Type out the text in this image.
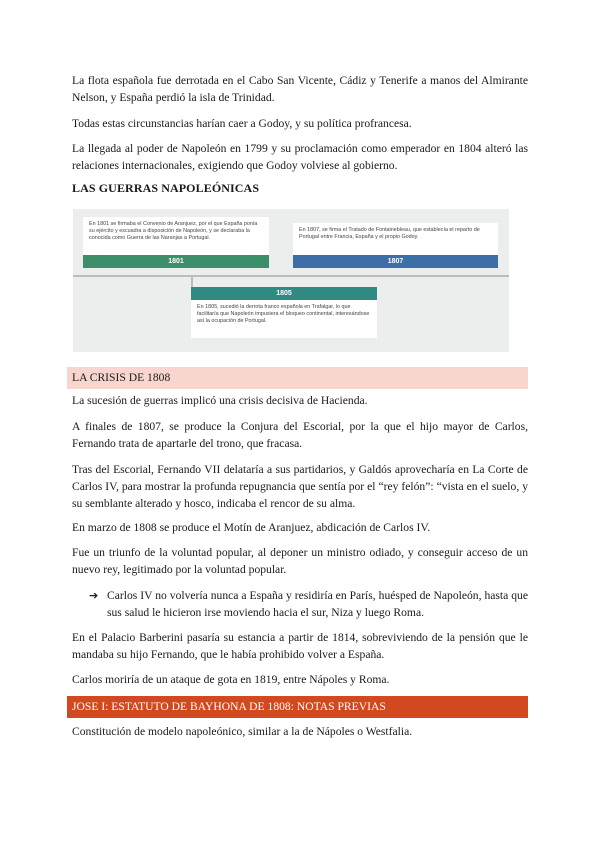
La flota española fue derrotada en el Cabo San Vicente, Cádiz y Tenerife a manos del Almirante Nelson, y España perdió la isla de Trinidad.

Todas estas circunstancias harían caer a Godoy, y su política profrancesa.

La llegada al poder de Napoleón en 1799 y su proclamación como emperador en 1804 alteró las relaciones internacionales, exigiendo que Godoy volviese al gobierno.

LAS GUERRAS NAPOLEÓNICAS
En 1801 se firmaba el Convenio de Aranjuez, por el que España ponía su ejército y escuadra a disposición de Napoleón, y se declaraba la conocida como Guerra de las Naranjas a Portugal.
1801
En 1807, se firma el Tratado de Fontainebleau, que establecía el reparto de Portugal entre Francia, España y el propio Godoy.
1807
1805
En 1805, sucedió la derrota franco española en Trafalgar, lo que facilitaría que Napoleón impusiera el bloqueo continental, interesándose así la ocupación de Portugal.
LA CRISIS DE 1808

La sucesión de guerras implicó una crisis decisiva de Hacienda.

A finales de 1807, se produce la Conjura del Escorial, por la que el hijo mayor de Carlos, Fernando trata de apartarle del trono, que fracasa.

Tras del Escorial, Fernando VII delataría a sus partidarios, y Galdós aprovecharía en La Corte de Carlos IV, para mostrar la profunda repugnancia que sentía por el “rey felón”: “vista en el suelo, y su semblante alterado y hosco, indicaba el rencor de su alma.

En marzo de 1808 se produce el Motín de Aranjuez, abdicación de Carlos IV.

Fue un triunfo de la voluntad popular, al deponer un ministro odiado, y conseguir acceso de un nuevo rey, legitimado por la voluntad popular.

➔ Carlos IV no volvería nunca a España y residiría en París, huésped de Napoleón, hasta que sus salud le hicieron irse moviendo hacia el sur, Niza y luego Roma.

En el Palacio Barberini pasaría su estancia a partir de 1814, sobreviviendo de la pensión que le mandaba su hijo Fernando, que le había prohibido volver a España.

Carlos moriría de un ataque de gota en 1819, entre Nápoles y Roma.

JOSE I: ESTATUTO DE BAYHONA DE 1808: NOTAS PREVIAS

Constitución de modelo napoleónico, similar a la de Nápoles o Westfalia.
